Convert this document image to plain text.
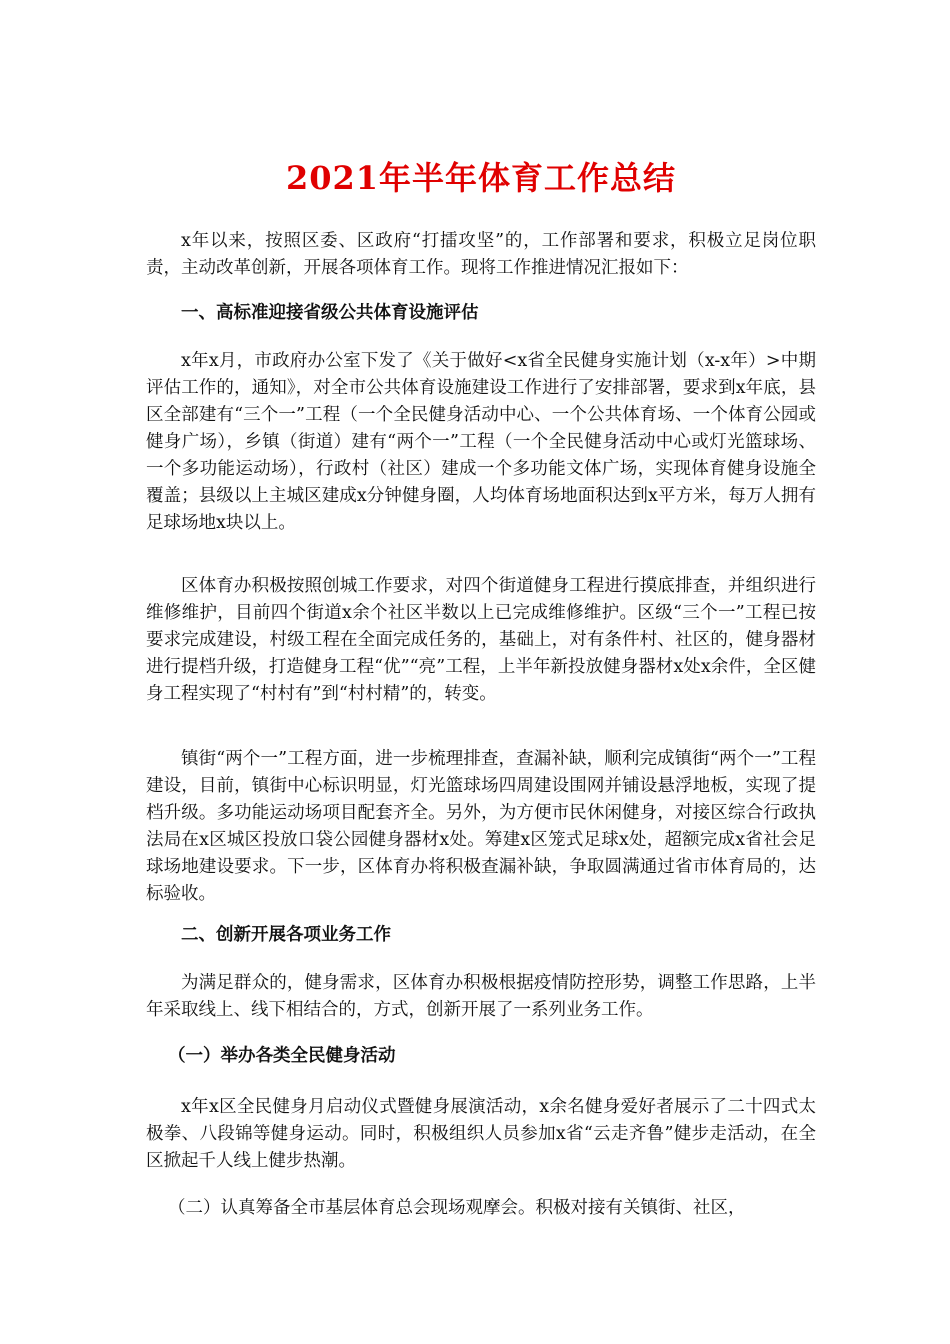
2021年半年体育工作总结

x年以来，按照区委、区政府“打擂攻坚”的，工作部署和要求，积极立足岗位职责，主动改革创新，开展各项体育工作。现将工作推进情况汇报如下：

一、高标准迎接省级公共体育设施评估

x年x月，市政府办公室下发了《关于做好<x省全民健身实施计划（x-x年）>中期评估工作的，通知》，对全市公共体育设施建设工作进行了安排部署，要求到x年底，县区全部建有“三个一”工程（一个全民健身活动中心、一个公共体育场、一个体育公园或健身广场），乡镇（街道）建有“两个一”工程（一个全民健身活动中心或灯光篮球场、一个多功能运动场），行政村（社区）建成一个多功能文体广场，实现体育健身设施全覆盖；县级以上主城区建成x分钟健身圈，人均体育场地面积达到x平方米，每万人拥有足球场地x块以上。

区体育办积极按照创城工作要求，对四个街道健身工程进行摸底排查，并组织进行维修维护，目前四个街道x余个社区半数以上已完成维修维护。区级“三个一”工程已按要求完成建设，村级工程在全面完成任务的，基础上，对有条件村、社区的，健身器材进行提档升级，打造健身工程“优”“亮”工程，上半年新投放健身器材x处x余件，全区健身工程实现了“村村有”到“村村精”的，转变。

镇街“两个一”工程方面，进一步梳理排查，查漏补缺，顺利完成镇街“两个一”工程建设，目前，镇街中心标识明显，灯光篮球场四周建设围网并铺设悬浮地板，实现了提档升级。多功能运动场项目配套齐全。另外，为方便市民休闲健身，对接区综合行政执法局在x区城区投放口袋公园健身器材x处。筹建x区笼式足球x处，超额完成x省社会足球场地建设要求。下一步，区体育办将积极查漏补缺，争取圆满通过省市体育局的，达标验收。

二、创新开展各项业务工作

为满足群众的，健身需求，区体育办积极根据疫情防控形势，调整工作思路，上半年采取线上、线下相结合的，方式，创新开展了一系列业务工作。

（一）举办各类全民健身活动

x年x区全民健身月启动仪式暨健身展演活动，x余名健身爱好者展示了二十四式太极拳、八段锦等健身运动。同时，积极组织人员参加x省“云走齐鲁”健步走活动，在全区掀起千人线上健步热潮。

（二）认真筹备全市基层体育总会现场观摩会。积极对接有关镇街、社区，
